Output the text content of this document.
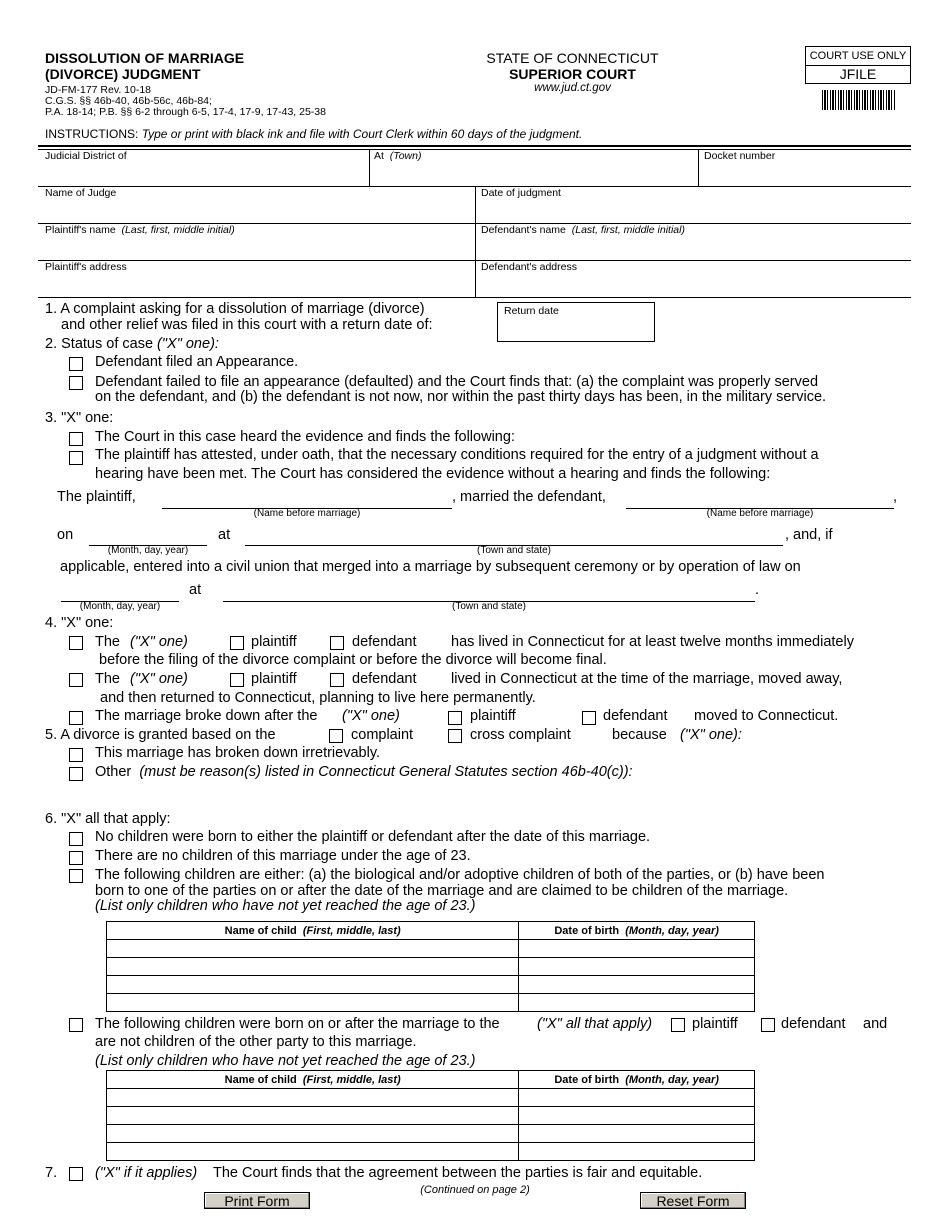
DISSOLUTION OF MARRIAGE
(DIVORCE) JUDGMENT
JD-FM-177 Rev. 10-18
C.G.S. §§ 46b-40, 46b-56c, 46b-84;
P.A. 18-14; P.B. §§ 6-2 through 6-5, 17-4, 17-9, 17-43, 25-38
STATE OF CONNECTICUT
SUPERIOR COURT
www.jud.ct.gov
COURT USE ONLY
JFILE
INSTRUCTIONS: Type or print with black ink and file with Court Clerk within 60 days of the judgment.
Judicial District of	At (Town)	Docket number
Name of Judge	Date of judgment
Plaintiff's name (Last, first, middle initial)	Defendant's name (Last, first, middle initial)
Plaintiff's address	Defendant's address
1. A complaint asking for a dissolution of marriage (divorce)
and other relief was filed in this court with a return date of:
Return date
2. Status of case ("X" one):
Defendant filed an Appearance.
Defendant failed to file an appearance (defaulted) and the Court finds that: (a) the complaint was properly served
on the defendant, and (b) the defendant is not now, nor within the past thirty days has been, in the military service.
3. "X" one:
The Court in this case heard the evidence and finds the following:
The plaintiff has attested, under oath, that the necessary conditions required for the entry of a judgment without a
hearing have been met. The Court has considered the evidence without a hearing and finds the following:
The plaintiff,	, married the defendant,	,
(Name before marriage)	(Name before marriage)
on	at	, and, if
(Month, day, year)	(Town and state)
applicable, entered into a civil union that merged into a marriage by subsequent ceremony or by operation of law on
at	.
(Month, day, year)	(Town and state)
4. "X" one:
The ("X" one)	plaintiff	defendant has lived in Connecticut for at least twelve months immediately
before the filing of the divorce complaint or before the divorce will become final.
The ("X" one)	plaintiff	defendant lived in Connecticut at the time of the marriage, moved away,
and then returned to Connecticut, planning to live here permanently.
The marriage broke down after the ("X" one)	plaintiff	defendant moved to Connecticut.
5. A divorce is granted based on the	complaint	cross complaint	because ("X" one):
This marriage has broken down irretrievably.
Other (must be reason(s) listed in Connecticut General Statutes section 46b-40(c)):
6. "X" all that apply:
No children were born to either the plaintiff or defendant after the date of this marriage.
There are no children of this marriage under the age of 23.
The following children are either: (a) the biological and/or adoptive children of both of the parties, or (b) have been
born to one of the parties on or after the date of the marriage and are claimed to be children of the marriage.
(List only children who have not yet reached the age of 23.)
Name of child (First, middle, last)	Date of birth (Month, day, year)

The following children were born on or after the marriage to the	("X" all that apply)	plaintiff	defendant and
are not children of the other party to this marriage.
(List only children who have not yet reached the age of 23.)
Name of child (First, middle, last)	Date of birth (Month, day, year)

7.	("X" if it applies) The Court finds that the agreement between the parties is fair and equitable.
Print Form
(Continued on page 2)
Reset Form
